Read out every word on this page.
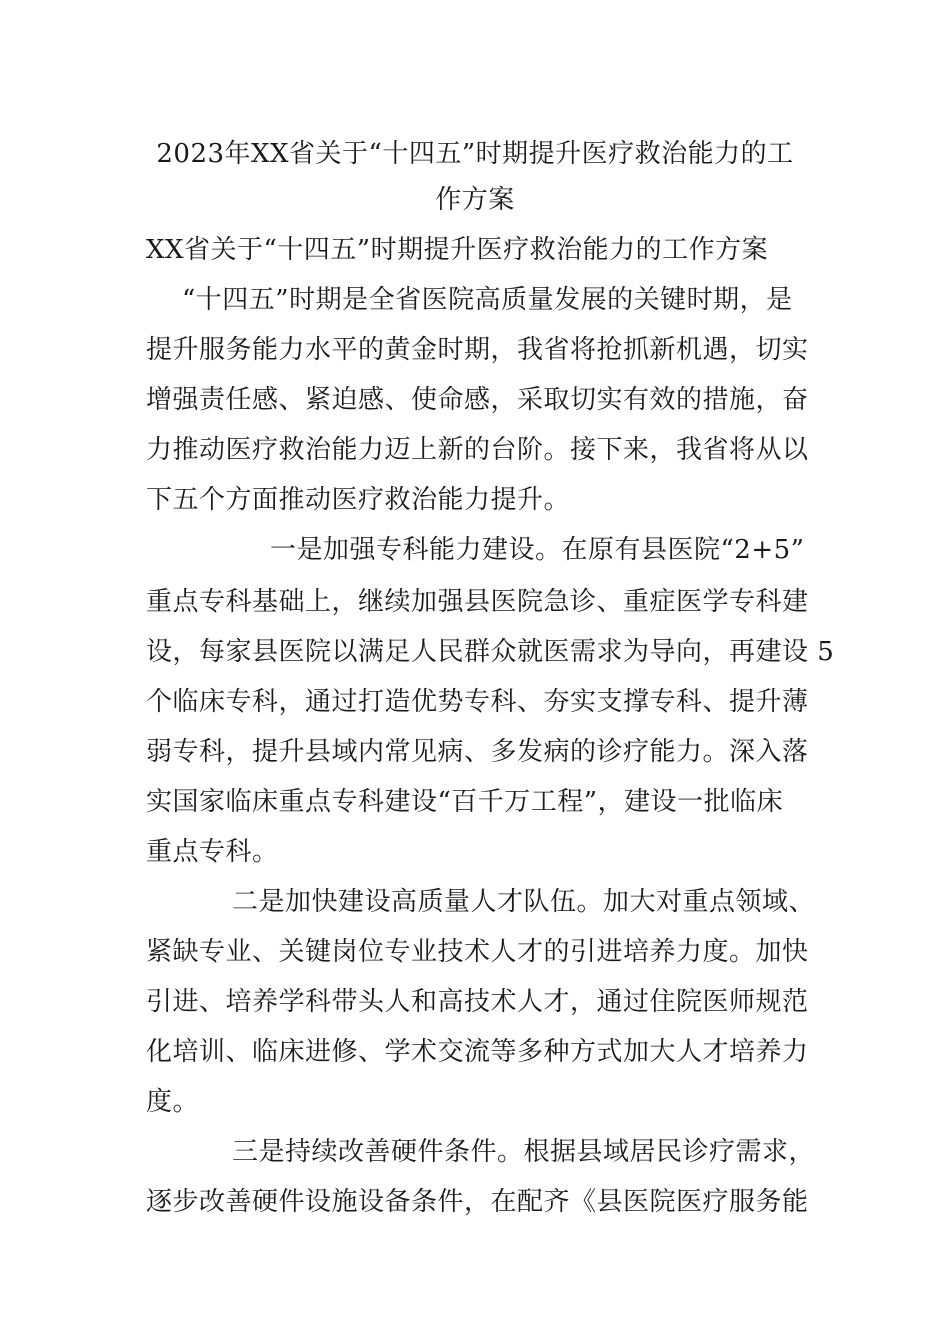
2023年XX省关于“十四五”时期提升医疗救治能力的工
作方案
XX省关于“十四五”时期提升医疗救治能力的工作方案
“十四五”时期是全省医院高质量发展的关键时期，是
提升服务能力水平的黄金时期，我省将抢抓新机遇，切实
增强责任感、紧迫感、使命感，采取切实有效的措施，奋
力推动医疗救治能力迈上新的台阶。接下来，我省将从以
下五个方面推动医疗救治能力提升。
一是加强专科能力建设。在原有县医院“2+5”
重点专科基础上，继续加强县医院急诊、重症医学专科建
设，每家县医院以满足人民群众就医需求为导向，再建设 5
个临床专科，通过打造优势专科、夯实支撑专科、提升薄
弱专科，提升县域内常见病、多发病的诊疗能力。深入落
实国家临床重点专科建设“百千万工程”，建设一批临床
重点专科。
二是加快建设高质量人才队伍。加大对重点领域、
紧缺专业、关键岗位专业技术人才的引进培养力度。加快
引进、培养学科带头人和高技术人才，通过住院医师规范
化培训、临床进修、学术交流等多种方式加大人才培养力
度。
三是持续改善硬件条件。根据县域居民诊疗需求，
逐步改善硬件设施设备条件，在配齐《县医院医疗服务能
